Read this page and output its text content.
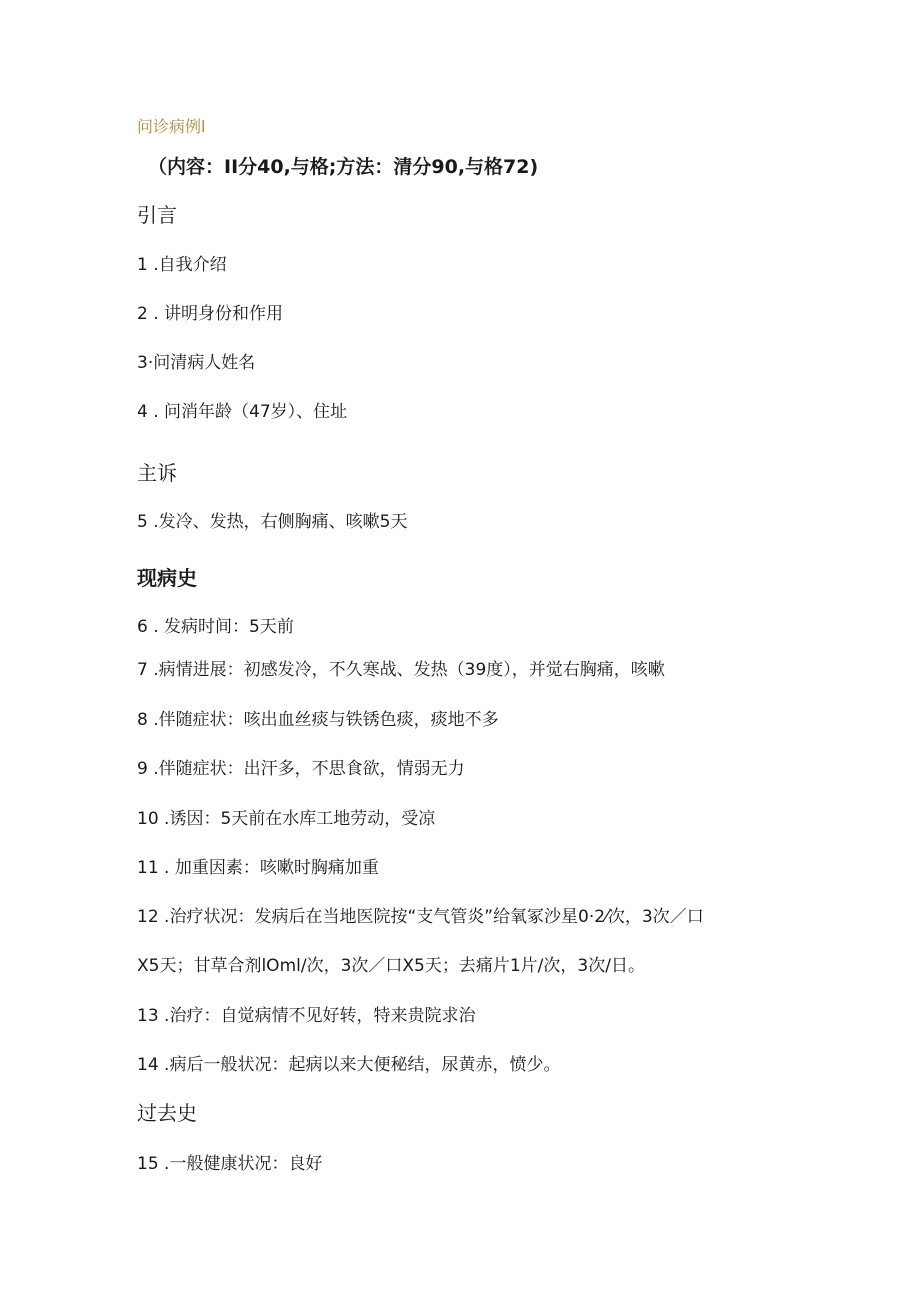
问诊病例l
（内容：II分40,与格;方法：清分90,与格72)
引言
1 .自我介绍
2 . 讲明身份和作用
3·问清病人姓名
4 . 问消年龄（47岁）、住址
主诉
5 .发冷、发热，右侧胸痛、咳嗽5天
现病史
6 . 发病时间：5天前
7 .病情进展：初感发冷，不久寒战、发热（39度），并觉右胸痛，咳嗽
8 .伴随症状：咳出血丝痰与铁锈色痰，痰地不多
9 .伴随症状：出汗多，不思食欲，情弱无力
10 .诱因：5天前在水库工地劳动，受凉
11 . 加重因素：咳嗽时胸痛加重
12 .治疗状况：发病后在当地医院按“支气管炎”给氧冢沙星0·2⁄次，3次／口
X5天；甘草合剂lOml/次，3次／口X5天；去痛片1片/次，3次/日。
13 .治疗：自觉病情不见好转，特来贵院求治
14 .病后一般状况：起病以来大便秘结，尿黄赤，愤少。
过去史
15 .一般健康状况：良好
